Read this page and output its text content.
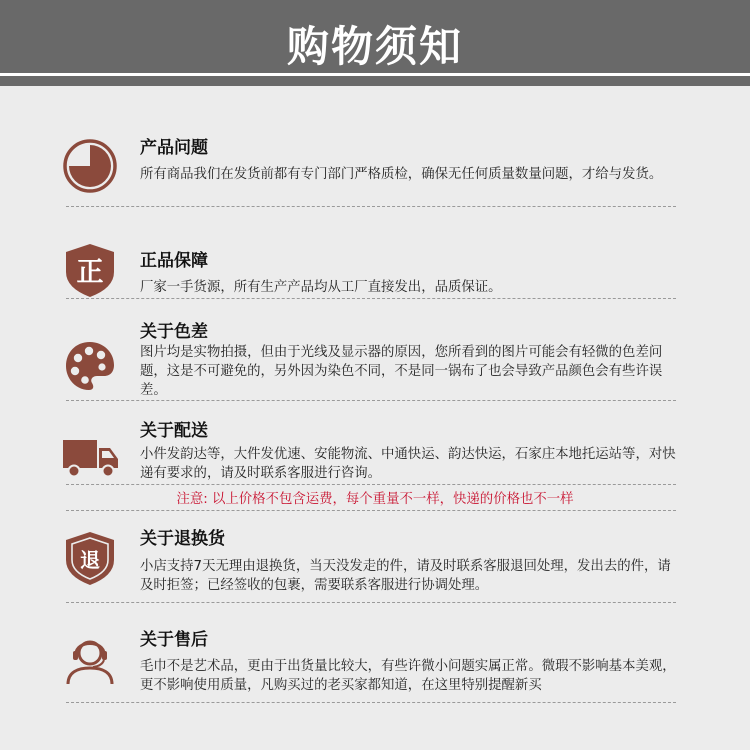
购物须知
产品问题
所有商品我们在发货前都有专门部门严格质检，确保无任何质量数量问题，才给与发货。
正 正品保障
厂家一手货源，所有生产产品均从工厂直接发出，品质保证。
关于色差
图片均是实物拍摄，但由于光线及显示器的原因，您所看到的图片可能会有轻微的色差问题，这是不可避免的，另外因为染色不同，不是同一锅布了也会导致产品颜色会有些许误差。
关于配送
小件发韵达等，大件发优速、安能物流、中通快运、韵达快运，石家庄本地托运站等，对快递有要求的，请及时联系客服进行咨询。
注意: 以上价格不包含运费，每个重量不一样，快递的价格也不一样
退
关于退换货
小店支持7天无理由退换货，当天没发走的件，请及时联系客服退回处理，发出去的件，请及时拒签；已经签收的包裹，需要联系客服进行协调处理。
关于售后
毛巾不是艺术品，更由于出货量比较大，有些许微小问题实属正常。微瑕不影响基本美观，更不影响使用质量，凡购买过的老买家都知道，在这里特别提醒新买
